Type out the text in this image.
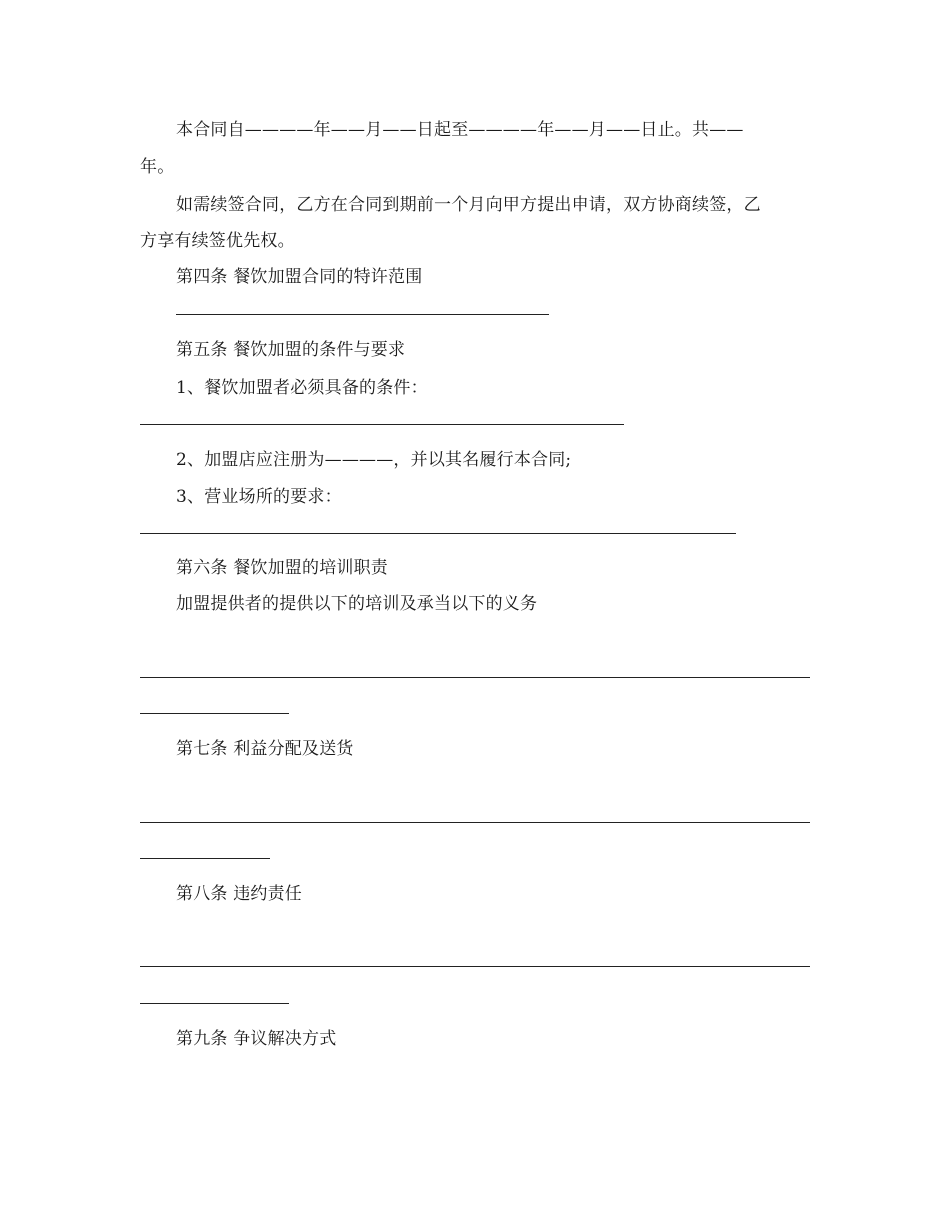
本合同自————年——月——日起至————年——月——日止。共——
年。
如需续签合同，乙方在合同到期前一个月向甲方提出申请，双方协商续签，乙
方享有续签优先权。
第四条 餐饮加盟合同的特许范围
第五条 餐饮加盟的条件与要求
1、餐饮加盟者必须具备的条件：
2、加盟店应注册为————，并以其名履行本合同;
3、营业场所的要求：
第六条 餐饮加盟的培训职责
加盟提供者的提供以下的培训及承当以下的义务
第七条 利益分配及送货
第八条 违约责任
第九条 争议解决方式
